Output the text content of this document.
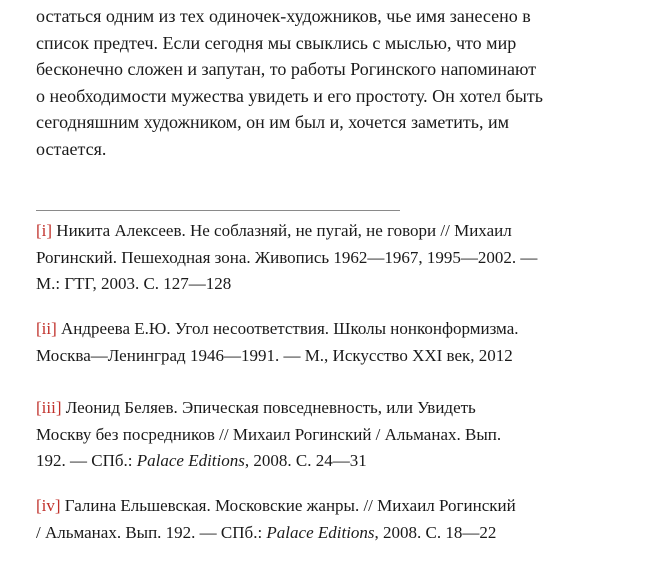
остаться одним из тех одиночек-художников, чье имя занесено в
список предтеч. Если сегодня мы свыклись с мыслью, что мир
бесконечно сложен и запутан, то работы Рогинского напоминают
о необходимости мужества увидеть и его простоту. Он хотел быть
сегодняшним художником, он им был и, хочется заметить, им
остается.

[i] Никита Алексеев. Не соблазняй, не пугай, не говори // Михаил
Рогинский. Пешеходная зона. Живопись 1962—1967, 1995—2002. —
М.: ГТГ, 2003. С. 127—128

[ii] Андреева Е.Ю. Угол несоответствия. Школы нонконформизма.
Москва—Ленинград 1946—1991. — М., Искусство XXI век, 2012

[iii] Леонид Беляев. Эпическая повседневность, или Увидеть
Москву без посредников // Михаил Рогинский / Альманах. Вып.
192. — СПб.: Palace Editions, 2008. С. 24—31

[iv] Галина Ельшевская. Московские жанры. // Михаил Рогинский
/ Альманах. Вып. 192. — СПб.: Palace Editions, 2008. С. 18—22
